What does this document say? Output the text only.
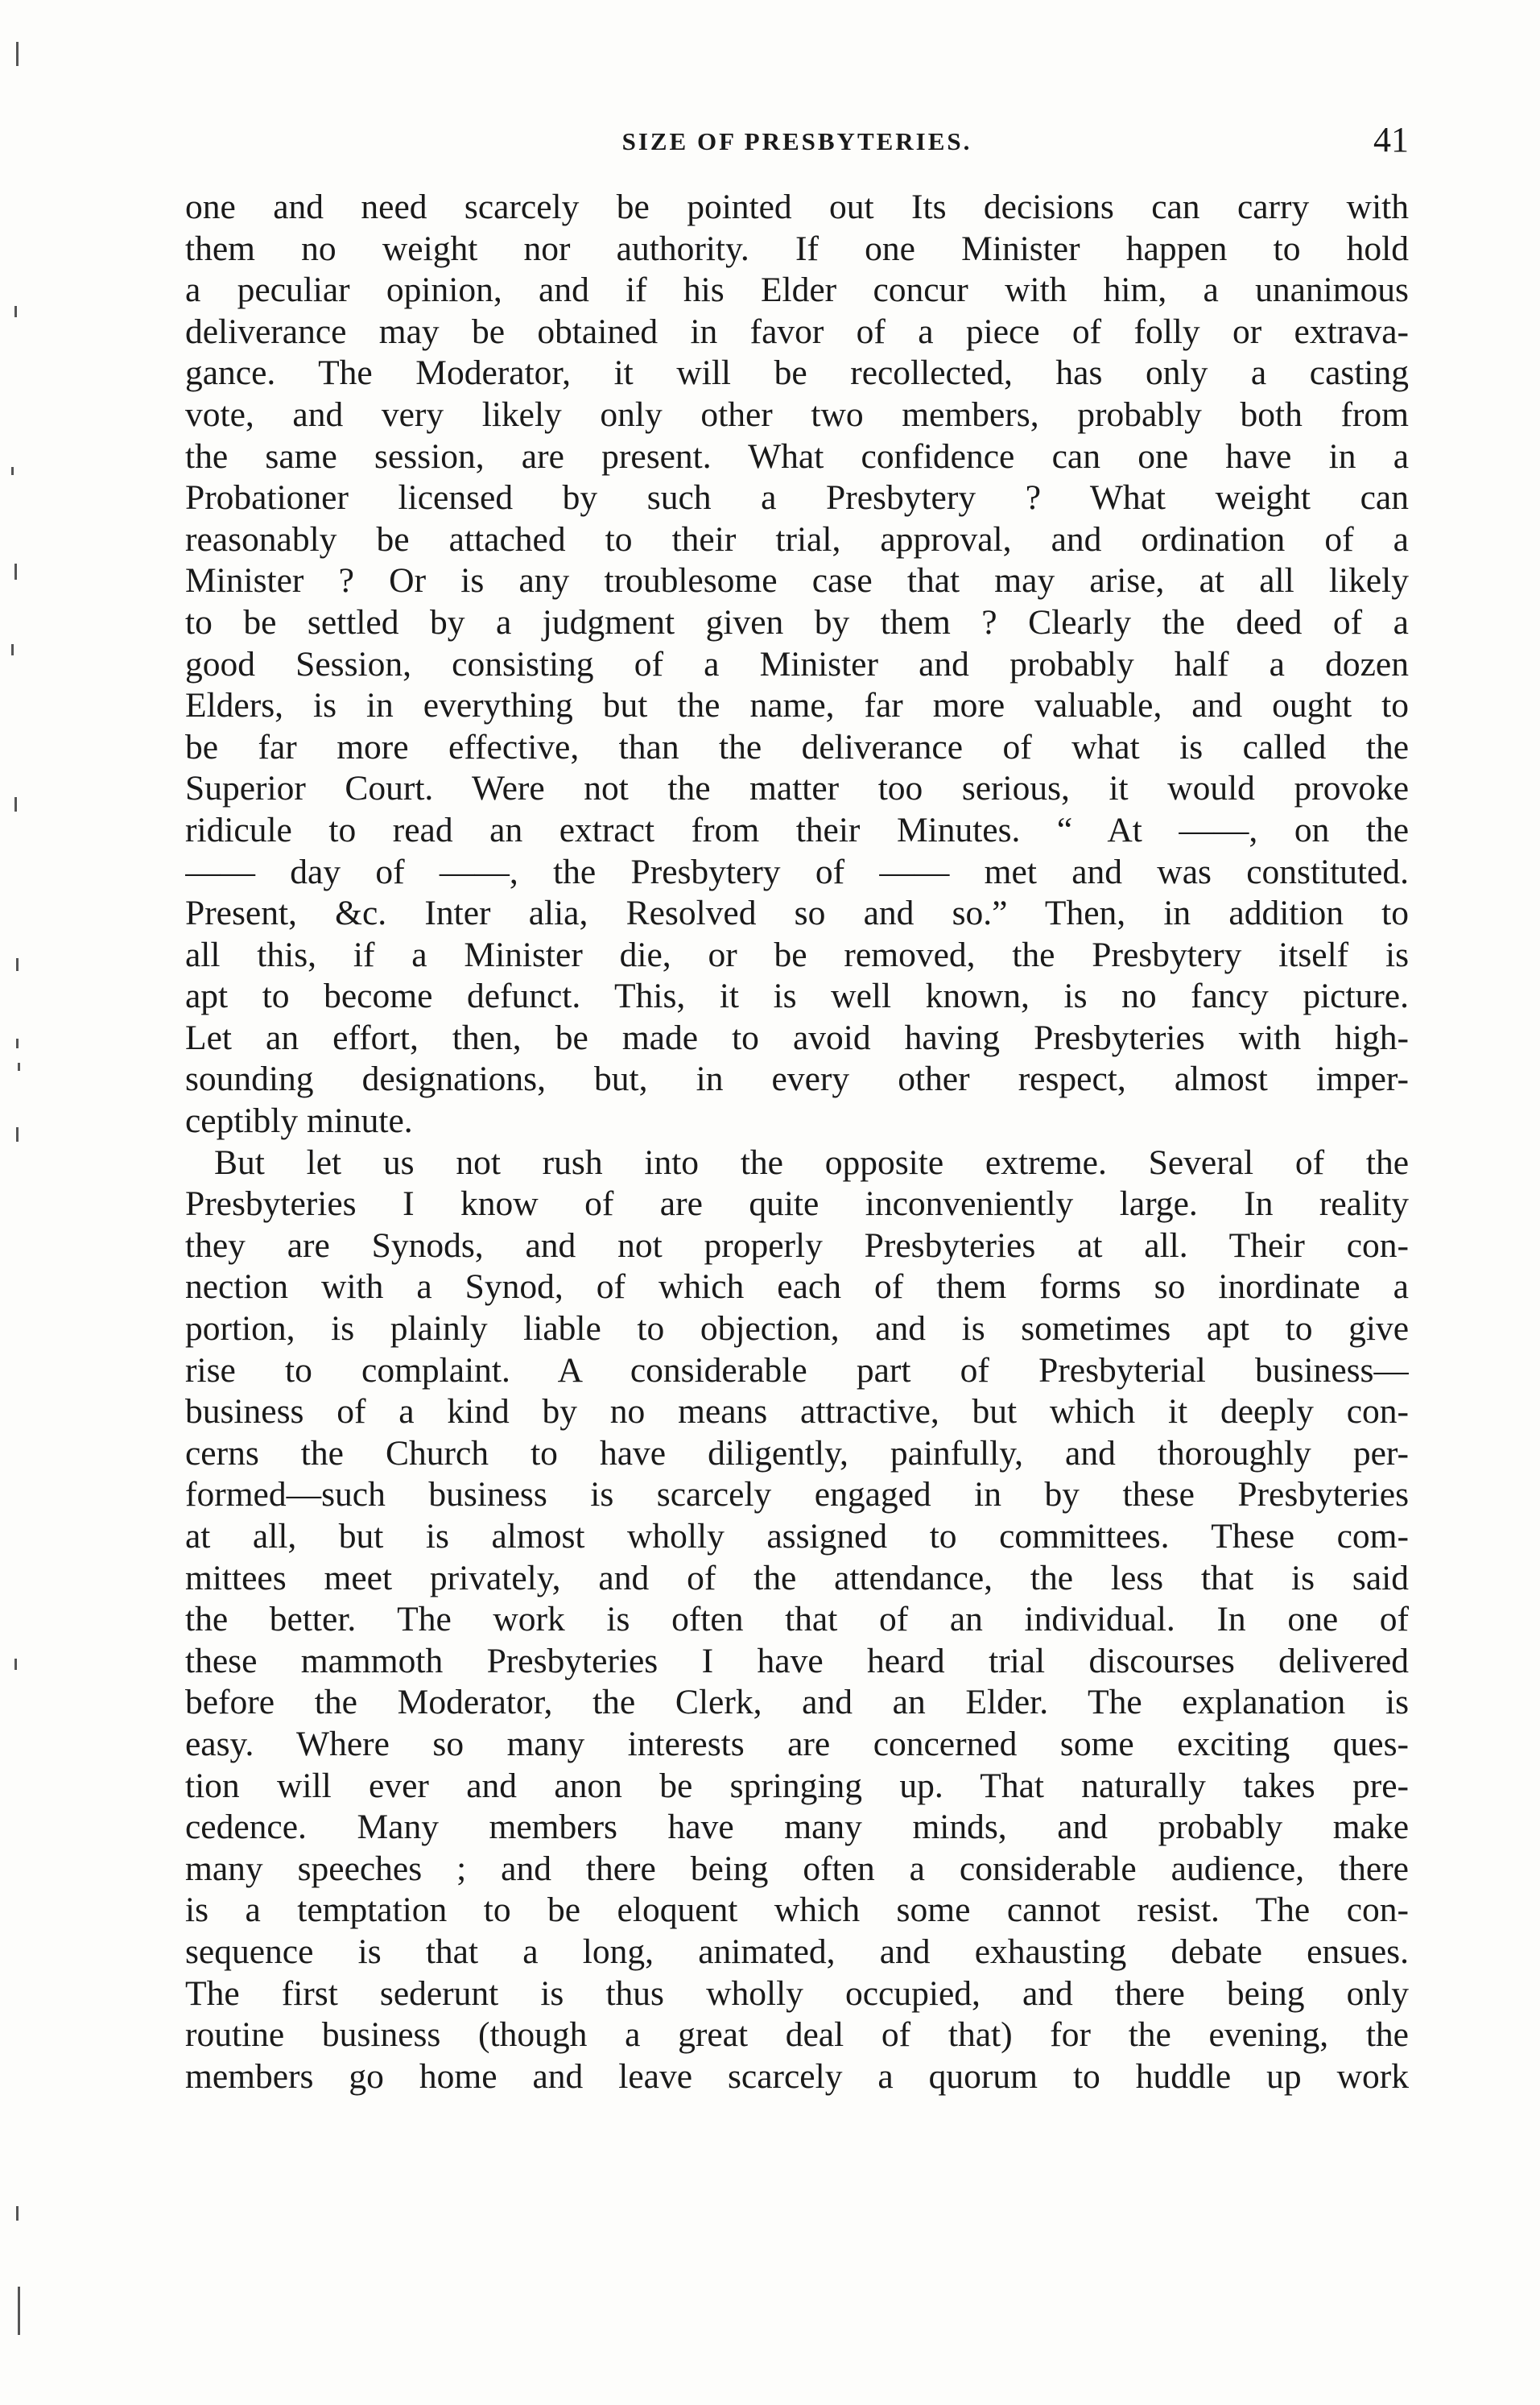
SIZE OF PRESBYTERIES.	41
one and need scarcely be pointed out Its decisions can carry with
them no weight nor authority. If one Minister happen to hold
a peculiar opinion, and if his Elder concur with him, a unanimous
deliverance may be obtained in favor of a piece of folly or extrava-
gance. The Moderator, it will be recollected, has only a casting
vote, and very likely only other two members, probably both from
the same session, are present. What confidence can one have in a
Probationer licensed by such a Presbytery ? What weight can
reasonably be attached to their trial, approval, and ordination of a
Minister ? Or is any troublesome case that may arise, at all likely
to be settled by a judgment given by them ? Clearly the deed of a
good Session, consisting of a Minister and probably half a dozen
Elders, is in everything but the name, far more valuable, and ought to
be far more effective, than the deliverance of what is called the
Superior Court. Were not the matter too serious, it would provoke
ridicule to read an extract from their Minutes. “ At ——, on the
—— day of ——, the Presbytery of —— met and was constituted.
Present, &c. Inter alia, Resolved so and so.” Then, in addition to
all this, if a Minister die, or be removed, the Presbytery itself is
apt to become defunct. This, it is well known, is no fancy picture.
Let an effort, then, be made to avoid having Presbyteries with high-
sounding designations, but, in every other respect, almost imper-
ceptibly minute.
But let us not rush into the opposite extreme. Several of the
Presbyteries I know of are quite inconveniently large. In reality
they are Synods, and not properly Presbyteries at all. Their con-
nection with a Synod, of which each of them forms so inordinate a
portion, is plainly liable to objection, and is sometimes apt to give
rise to complaint. A considerable part of Presbyterial business—
business of a kind by no means attractive, but which it deeply con-
cerns the Church to have diligently, painfully, and thoroughly per-
formed—such business is scarcely engaged in by these Presbyteries
at all, but is almost wholly assigned to committees. These com-
mittees meet privately, and of the attendance, the less that is said
the better. The work is often that of an individual. In one of
these mammoth Presbyteries I have heard trial discourses delivered
before the Moderator, the Clerk, and an Elder. The explanation is
easy. Where so many interests are concerned some exciting ques-
tion will ever and anon be springing up. That naturally takes pre-
cedence. Many members have many minds, and probably make
many speeches ; and there being often a considerable audience, there
is a temptation to be eloquent which some cannot resist. The con-
sequence is that a long, animated, and exhausting debate ensues.
The first sederunt is thus wholly occupied, and there being only
routine business (though a great deal of that) for the evening, the
members go home and leave scarcely a quorum to huddle up work
